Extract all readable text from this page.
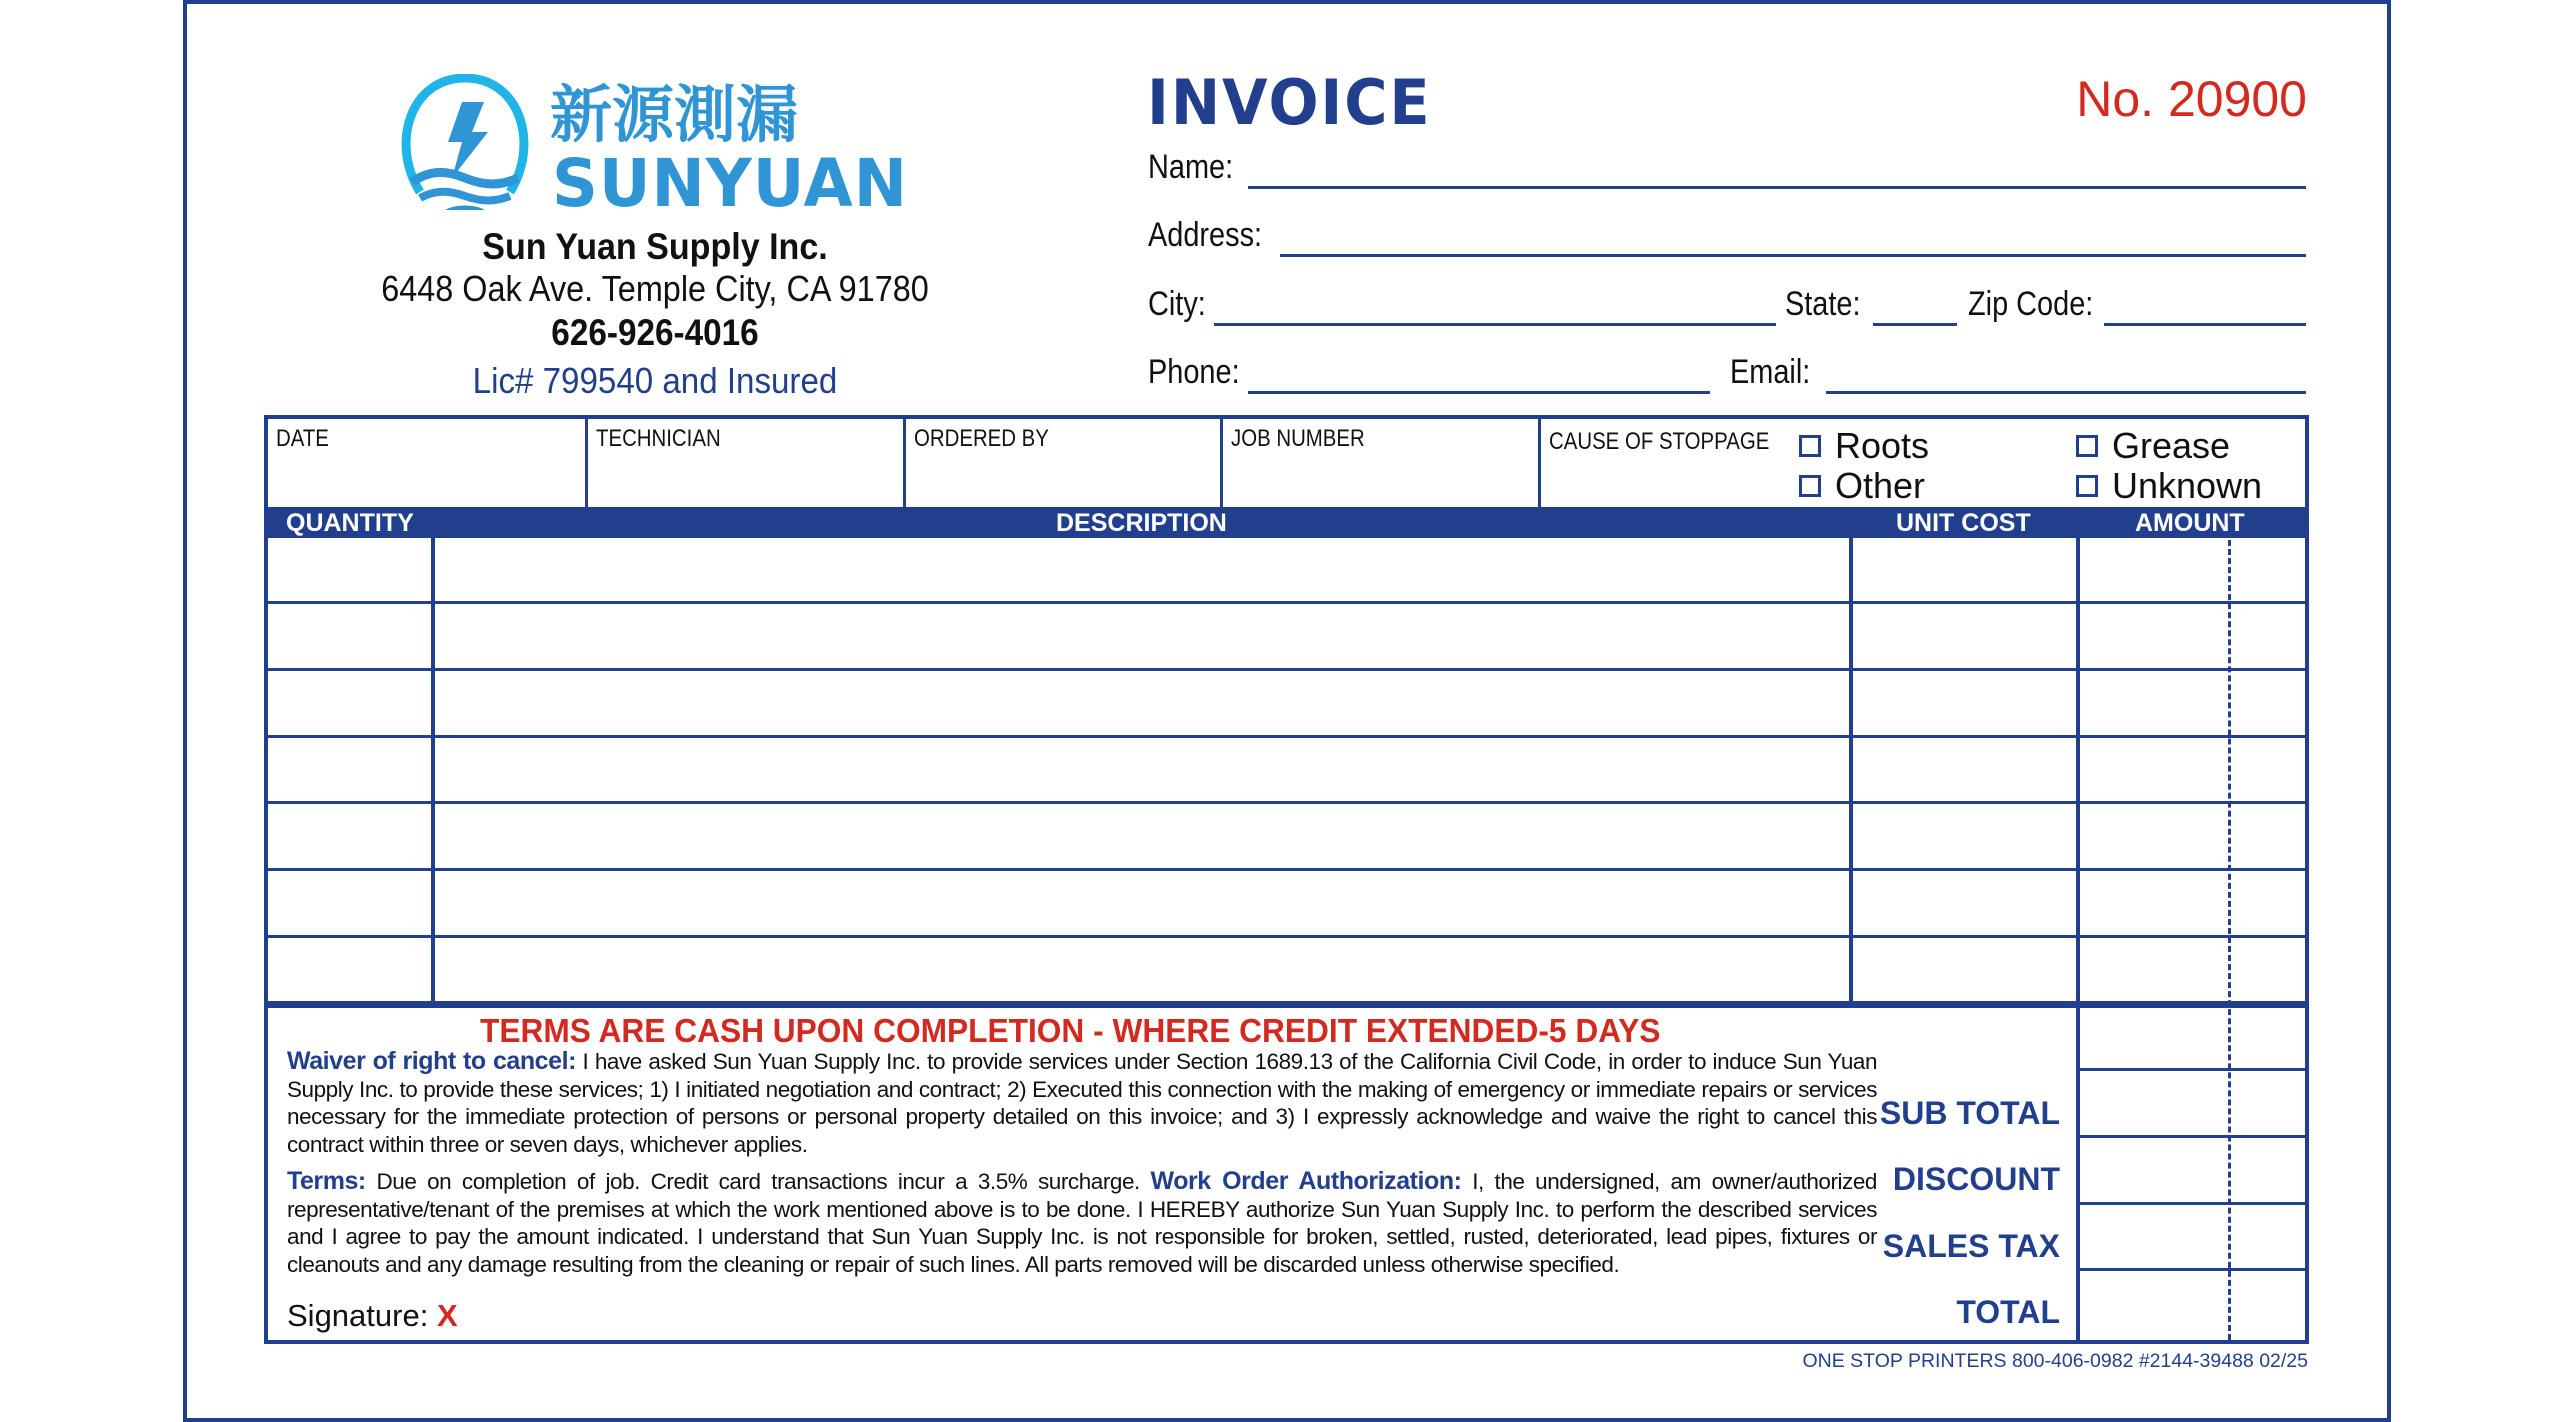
新源測漏
SUNYUAN
Sun Yuan Supply Inc.
6448 Oak Ave. Temple City, CA 91780
626-926-4016
Lic# 799540 and Insured
INVOICE	No. 20900
Name:
Address:
City:	State:	Zip Code:
Phone:	Email:
DATE	TECHNICIAN	ORDERED BY	JOB NUMBER	CAUSE OF STOPPAGE Roots	Grease
Other	Unknown
QUANTITY	DESCRIPTION	UNIT COST	AMOUNT
TERMS ARE CASH UPON COMPLETION - WHERE CREDIT EXTENDED-5 DAYS
Waiver of right to cancel: I have asked Sun Yuan Supply Inc. to provide services under Section 1689.13 of the California Civil Code, in order to induce Sun Yuan Supply Inc. to provide these services; 1) I initiated negotiation and contract; 2) Executed this connection with the making of emergency or immediate repairs or services necessary for the immediate protection of persons or personal property detailed on this invoice; and 3) I expressly acknowledge and waive the right to cancel this contract within three or seven days, whichever applies.
Terms: Due on completion of job. Credit card transactions incur a 3.5% surcharge. Work Order Authorization: I, the undersigned, am owner/authorized representative/tenant of the premises at which the work mentioned above is to be done. I HEREBY authorize Sun Yuan Supply Inc. to perform the described services and I agree to pay the amount indicated. I understand that Sun Yuan Supply Inc. is not responsible for broken, settled, rusted, deteriorated, lead pipes, fixtures or cleanouts and any damage resulting from the cleaning or repair of such lines. All parts removed will be discarded unless otherwise specified.
Signature: X
SUB TOTAL
DISCOUNT
SALES TAX
TOTAL
ONE STOP PRINTERS 800-406-0982 #2144-39488 02/25
